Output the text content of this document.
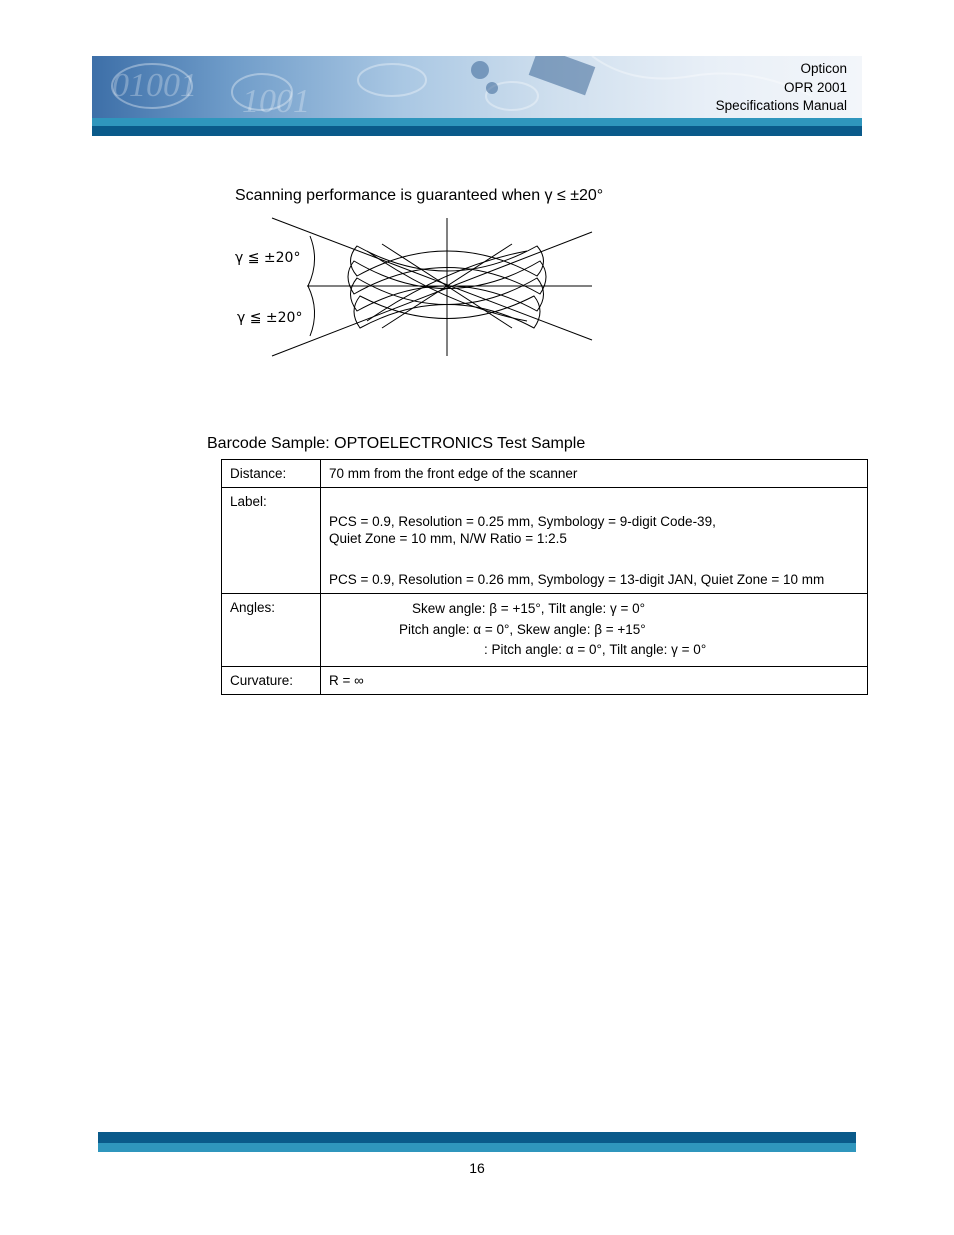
01001 1001
Opticon
OPR 2001
Specifications Manual
Scanning performance is guaranteed when γ ≤ ±20°
γ ≦ ±20°
γ ≦ ±20°
Barcode Sample: OPTOELECTRONICS Test Sample
Distance:	70 mm from the front edge of the scanner
Label:	PCS = 0.9, Resolution = 0.25 mm, Symbology = 9-digit Code-39,
Quiet Zone = 10 mm, N/W Ratio = 1:2.5
PCS = 0.9, Resolution = 0.26 mm, Symbology = 13-digit JAN, Quiet Zone = 10 mm

Angles:	Skew angle: β = +15°, Tilt angle: γ = 0°
Pitch angle: α = 0°, Skew angle: β = +15°
: Pitch angle: α = 0°, Tilt angle: γ = 0°

Curvature:	R = ∞
16
